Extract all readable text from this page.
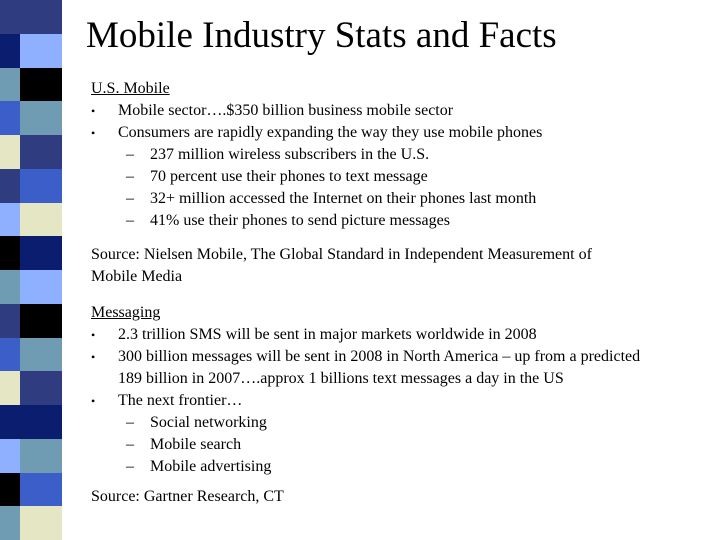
Mobile Industry Stats and Facts
U.S. Mobile
• Mobile sector….$350 billion business mobile sector
• Consumers are rapidly expanding the way they use mobile phones
– 237 million wireless subscribers in the U.S.
– 70 percent use their phones to text message
– 32+ million accessed the Internet on their phones last month
– 41% use their phones to send picture messages
Source: Nielsen Mobile, The Global Standard in Independent Measurement of
Mobile Media
Messaging
• 2.3 trillion SMS will be sent in major markets worldwide in 2008
• 300 billion messages will be sent in 2008 in North America – up from a predicted
189 billion in 2007….approx 1 billions text messages a day in the US
• The next frontier…
– Social networking
– Mobile search
– Mobile advertising
Source: Gartner Research, CT
